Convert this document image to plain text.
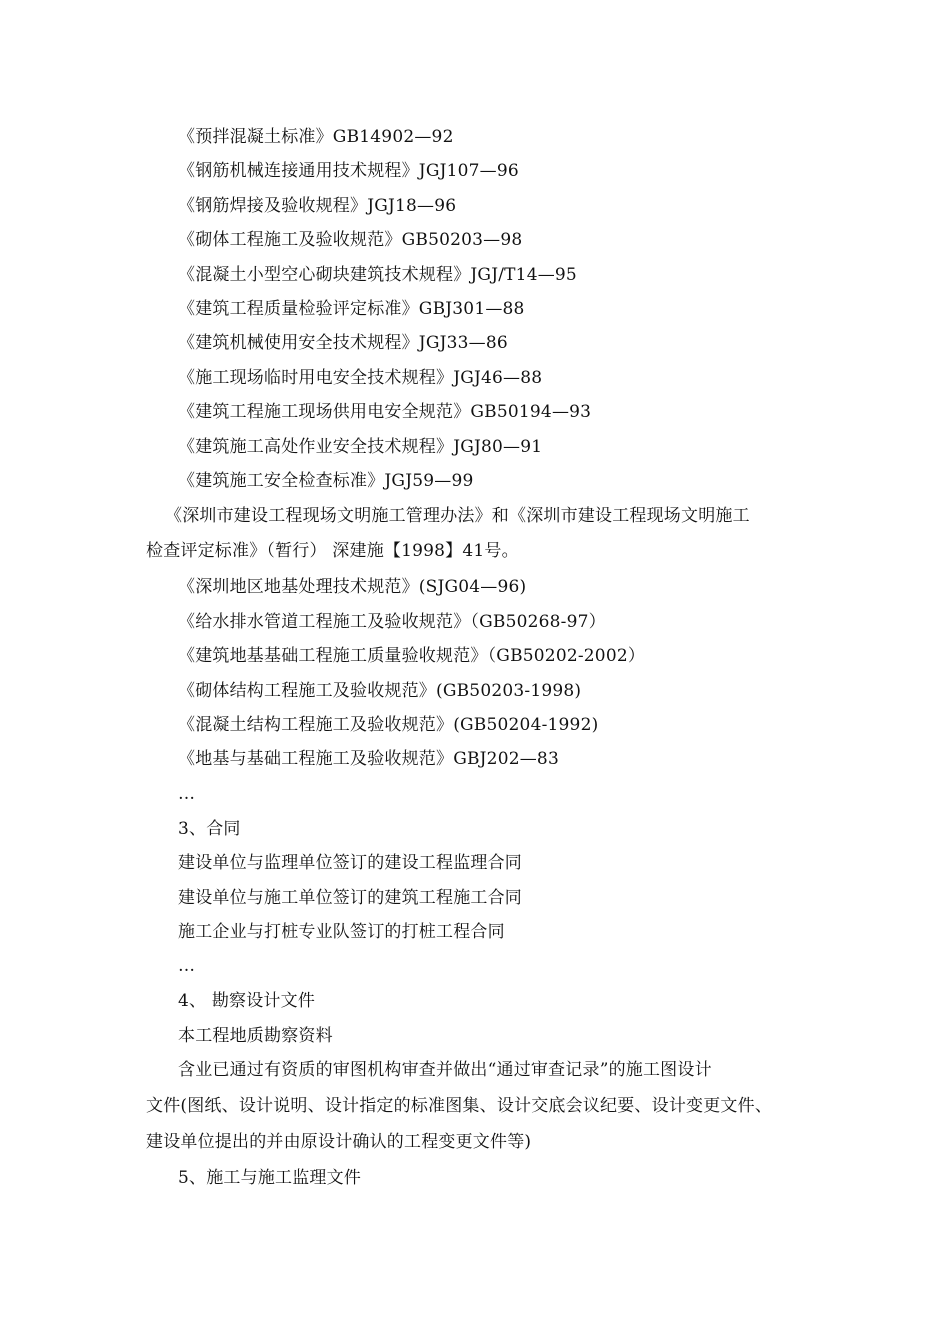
《预拌混凝土标准》GB14902—92
《钢筋机械连接通用技术规程》JGJ107—96
《钢筋焊接及验收规程》JGJ18—96
《砌体工程施工及验收规范》GB50203—98
《混凝土小型空心砌块建筑技术规程》JGJ/T14—95
《建筑工程质量检验评定标准》GBJ301—88
《建筑机械使用安全技术规程》JGJ33—86
《施工现场临时用电安全技术规程》JGJ46—88
《建筑工程施工现场供用电安全规范》GB50194—93
《建筑施工高处作业安全技术规程》JGJ80—91
《建筑施工安全检查标准》JGJ59—99
《深圳市建设工程现场文明施工管理办法》和《深圳市建设工程现场文明施工
检查评定标准》（暂行） 深建施【1998】41号。
《深圳地区地基处理技术规范》(SJG04—96)
《给水排水管道工程施工及验收规范》（GB50268-97）
《建筑地基基础工程施工质量验收规范》（GB50202-2002）
《砌体结构工程施工及验收规范》(GB50203-1998)
《混凝土结构工程施工及验收规范》(GB50204-1992)
《地基与基础工程施工及验收规范》GBJ202—83
…
3、合同
建设单位与监理单位签订的建设工程监理合同
建设单位与施工单位签订的建筑工程施工合同
施工企业与打桩专业队签订的打桩工程合同
…
4、 勘察设计文件
本工程地质勘察资料
含业已通过有资质的审图机构审查并做出“通过审查记录”的施工图设计
文件(图纸、设计说明、设计指定的标准图集、设计交底会议纪要、设计变更文件、
建设单位提出的并由原设计确认的工程变更文件等)
5、施工与施工监理文件
